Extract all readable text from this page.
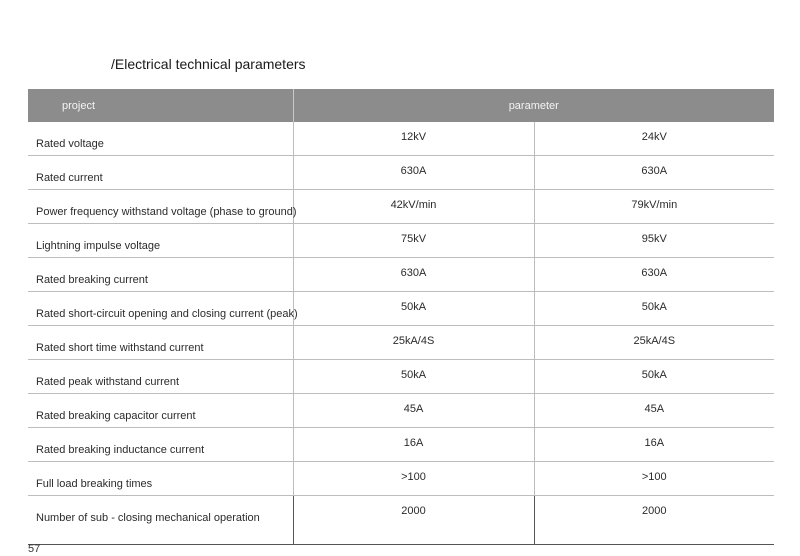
/Electrical technical parameters
project	parameter	
Rated voltage	12kV	24kV
Rated current	630A	630A
Power frequency withstand voltage (phase to ground)	42kV/min	79kV/min
Lightning impulse voltage	75kV	95kV
Rated breaking current	630A	630A
Rated short-circuit opening and closing current (peak)	50kA	50kA
Rated short time withstand current	25kA/4S	25kA/4S
Rated peak withstand current	50kA	50kA
Rated breaking capacitor current	45A	45A
Rated breaking inductance current	16A	16A
Full load breaking times	>100	>100
Number of sub - closing mechanical operation	2000	2000
57
